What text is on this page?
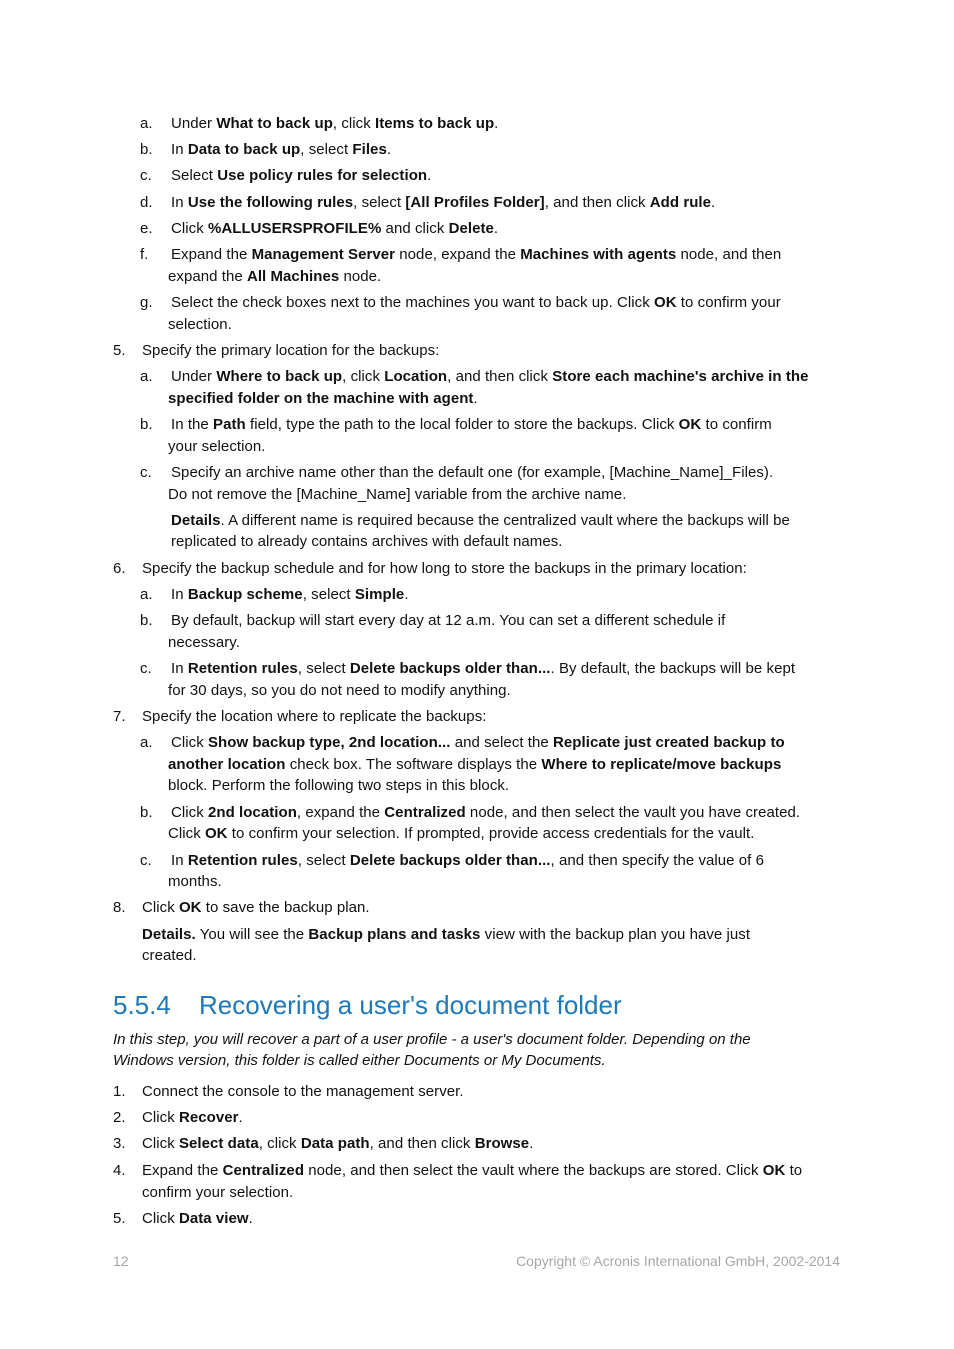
a. Under What to back up, click Items to back up.
b. In Data to back up, select Files.
c. Select Use policy rules for selection.
d. In Use the following rules, select [All Profiles Folder], and then click Add rule.
e. Click %ALLUSERSPROFILE% and click Delete.
f. Expand the Management Server node, expand the Machines with agents node, and then
expand the All Machines node.
g. Select the check boxes next to the machines you want to back up. Click OK to confirm your
selection.
5. Specify the primary location for the backups:
a. Under Where to back up, click Location, and then click Store each machine's archive in the
specified folder on the machine with agent.
b. In the Path field, type the path to the local folder to store the backups. Click OK to confirm
your selection.
c. Specify an archive name other than the default one (for example, [Machine_Name]_Files).
Do not remove the [Machine_Name] variable from the archive name.
Details. A different name is required because the centralized vault where the backups will be
replicated to already contains archives with default names.
6. Specify the backup schedule and for how long to store the backups in the primary location:
a. In Backup scheme, select Simple.
b. By default, backup will start every day at 12 a.m. You can set a different schedule if
necessary.
c. In Retention rules, select Delete backups older than.... By default, the backups will be kept
for 30 days, so you do not need to modify anything.
7. Specify the location where to replicate the backups:
a. Click Show backup type, 2nd location... and select the Replicate just created backup to
another location check box. The software displays the Where to replicate/move backups
block. Perform the following two steps in this block.
b. Click 2nd location, expand the Centralized node, and then select the vault you have created.
Click OK to confirm your selection. If prompted, provide access credentials for the vault.
c. In Retention rules, select Delete backups older than..., and then specify the value of 6
months.
8. Click OK to save the backup plan.
Details. You will see the Backup plans and tasks view with the backup plan you have just
created.
5.5.4 Recovering a user's document folder
In this step, you will recover a part of a user profile - a user's document folder. Depending on the
Windows version, this folder is called either Documents or My Documents.
1. Connect the console to the management server.
2. Click Recover.
3. Click Select data, click Data path, and then click Browse.
4. Expand the Centralized node, and then select the vault where the backups are stored. Click OK to
confirm your selection.
5. Click Data view.
12	Copyright © Acronis International GmbH, 2002-2014
